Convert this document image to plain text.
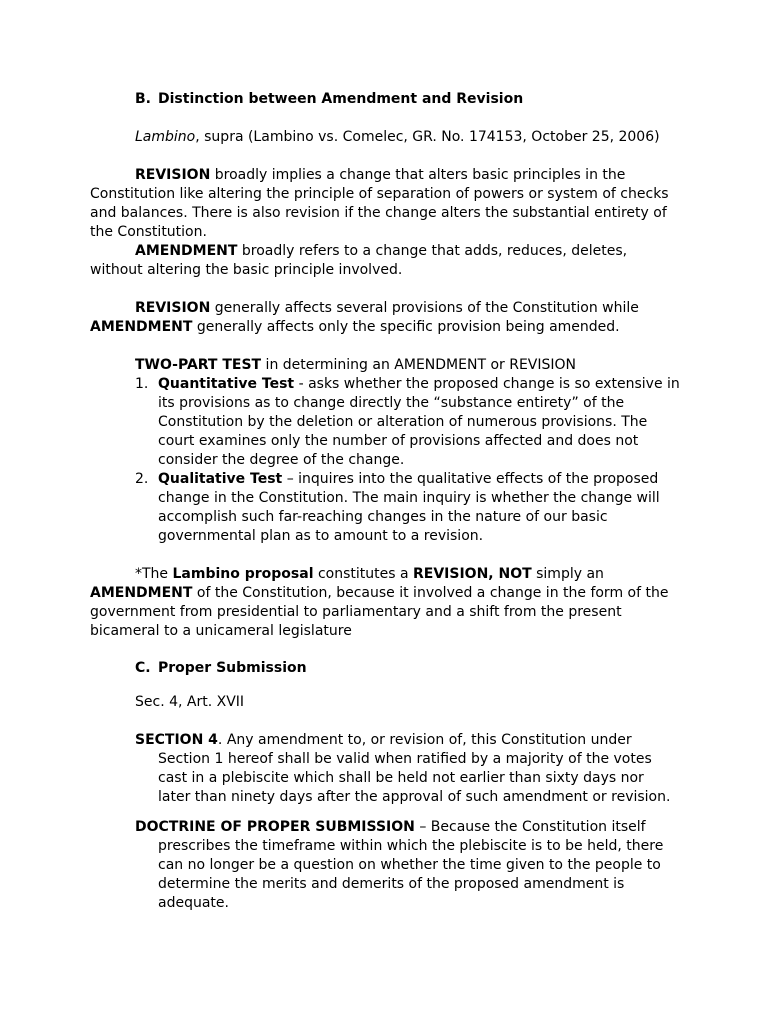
B. Distinction between Amendment and Revision

Lambino, supra (Lambino vs. Comelec, GR. No. 174153, October 25, 2006)

REVISION broadly implies a change that alters basic principles in the Constitution like altering the principle of separation of powers or system of checks and balances. There is also revision if the change alters the substantial entirety of the Constitution.

AMENDMENT broadly refers to a change that adds, reduces, deletes, without altering the basic principle involved.

REVISION generally affects several provisions of the Constitution while AMENDMENT generally affects only the specific provision being amended.

TWO-PART TEST in determining an AMENDMENT or REVISION

1. Quantitative Test - asks whether the proposed change is so extensive in its provisions as to change directly the “substance entirety” of the Constitution by the deletion or alteration of numerous provisions. The court examines only the number of provisions affected and does not consider the degree of the change.
2. Qualitative Test – inquires into the qualitative effects of the proposed change in the Constitution. The main inquiry is whether the change will accomplish such far-reaching changes in the nature of our basic governmental plan as to amount to a revision.

*The Lambino proposal constitutes a REVISION, NOT simply an AMENDMENT of the Constitution, because it involved a change in the form of the government from presidential to parliamentary and a shift from the present bicameral to a unicameral legislature

C. Proper Submission

Sec. 4, Art. XVII

SECTION 4. Any amendment to, or revision of, this Constitution under Section 1 hereof shall be valid when ratified by a majority of the votes cast in a plebiscite which shall be held not earlier than sixty days nor later than ninety days after the approval of such amendment or revision.

DOCTRINE OF PROPER SUBMISSION – Because the Constitution itself prescribes the timeframe within which the plebiscite is to be held, there can no longer be a question on whether the time given to the people to determine the merits and demerits of the proposed amendment is adequate.
